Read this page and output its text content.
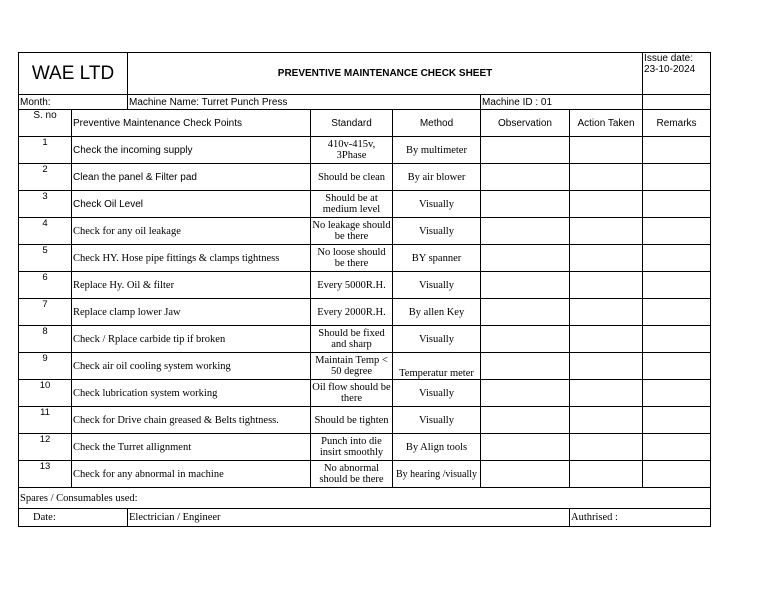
WAE LTD		PREVENTIVE MAINTENANCE CHECK SHEET					Issue date:
23-10-2024

Month:		Machine Name: Turret Punch Press			Machine ID : 01		
S. no	Preventive Maintenance Check Points		Standard	Method	Observation	Action Taken	Remarks
1	Check the incoming supply		410v-415v, 3Phase	By multimeter			
2	Clean the panel & Filter pad		Should be clean	By air blower			
3	Check Oil Level		Should be at medium level	Visually			
4	Check for any oil leakage		No leakage should be there	Visually			
5	Check HY. Hose pipe fittings & clamps tightness		No loose should be there	BY spanner			
6	Replace Hy. Oil & filter		Every 5000R.H.	Visually			
7	Replace clamp lower Jaw		Every 2000R.H.	By allen Key			
8	Check / Rplace carbide tip if broken		Should be fixed and sharp	Visually			
9	Check air oil cooling system working		Maintain Temp < 50 degree	Temperatur meter			
10	Check lubrication system working		Oil flow should be there	Visually			
11	Check for Drive chain greased & Belts tightness.		Should be tighten	Visually			
12	Check the Turret allignment		Punch into die insirt smoothly	By Align tools			
13	Check for any abnormal in machine		No abnormal should be there	By hearing /visually			
Spares / Consumables used:							
Date:		Electrician / Engineer				Authrised :	
